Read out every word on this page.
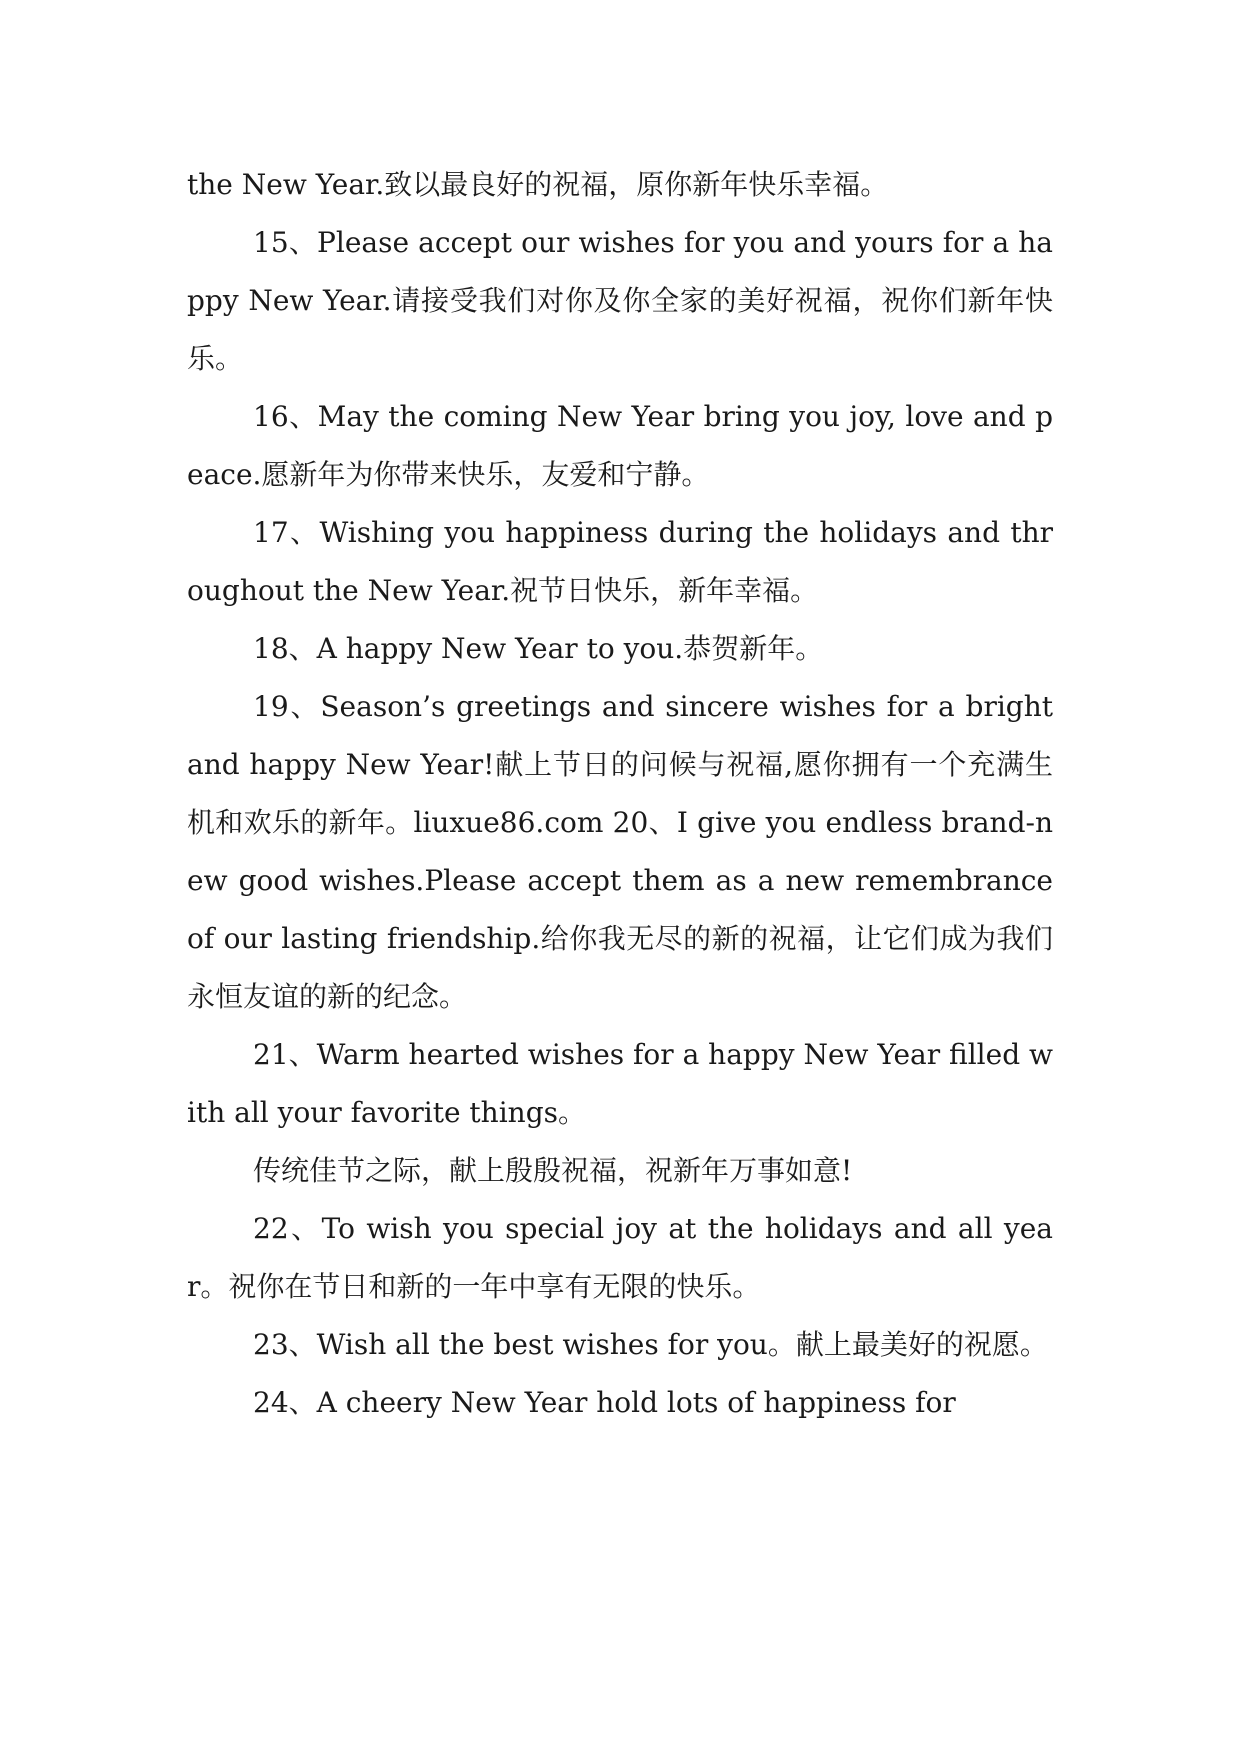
the New Year.致以最良好的祝福，原你新年快乐幸福。

15、Please accept our wishes for you and yours for a happy New Year.请接受我们对你及你全家的美好祝福，祝你们新年快乐。

16、May the coming New Year bring you joy, love and peace.愿新年为你带来快乐，友爱和宁静。

17、Wishing you happiness during the holidays and throughout the New Year.祝节日快乐，新年幸福。

18、A happy New Year to you.恭贺新年。

19、Season’s greetings and sincere wishes for a bright and happy New Year!献上节日的问候与祝福,愿你拥有一个充满生机和欢乐的新年。liuxue86.com 20、I give you endless brand-new good wishes.Please accept them as a new remembrance of our lasting friendship.给你我无尽的新的祝福，让它们成为我们永恒友谊的新的纪念。

21、Warm hearted wishes for a happy New Year filled with all your favorite things。

传统佳节之际，献上殷殷祝福，祝新年万事如意!

22、To wish you special joy at the holidays and all year。祝你在节日和新的一年中享有无限的快乐。

23、Wish all the best wishes for you。献上最美好的祝愿。

24、A cheery New Year hold lots of happiness for
